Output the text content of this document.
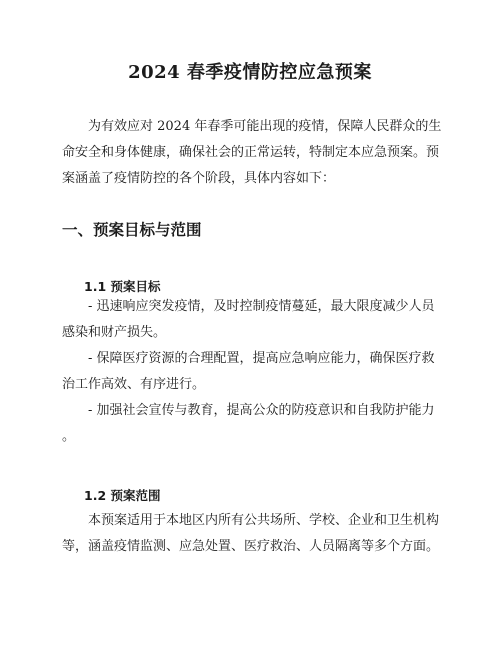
2024 春季疫情防控应急预案
为有效应对 2024 年春季可能出现的疫情，保障人民群众的生
命安全和身体健康，确保社会的正常运转，特制定本应急预案。预
案涵盖了疫情防控的各个阶段，具体内容如下：
一、预案目标与范围
1.1 预案目标
- 迅速响应突发疫情，及时控制疫情蔓延，最大限度减少人员
感染和财产损失。
- 保障医疗资源的合理配置，提高应急响应能力，确保医疗救
治工作高效、有序进行。
- 加强社会宣传与教育，提高公众的防疫意识和自我防护能力
。
1.2 预案范围
本预案适用于本地区内所有公共场所、学校、企业和卫生机构
等，涵盖疫情监测、应急处置、医疗救治、人员隔离等多个方面。
